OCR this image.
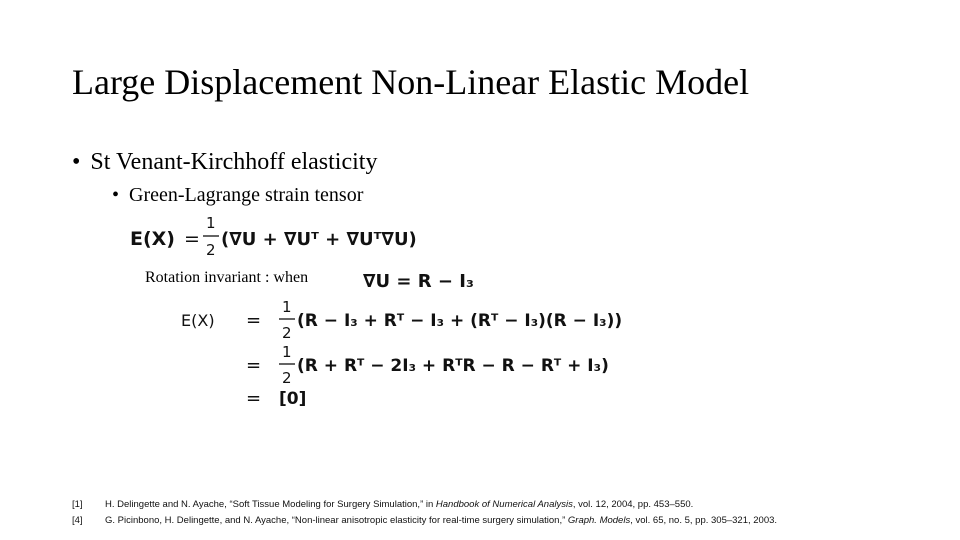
Large Displacement Non-Linear Elastic Model
• St Venant-Kirchhoff elasticity
• Green-Lagrange strain tensor
Rotation invariant : when
E(X) =
1
2 (∇U + ∇Uᵀ + ∇Uᵀ∇U)
∇U = R − I₃
E(X) =
1
2
(R − I₃ + Rᵀ − I₃ + (Rᵀ − I₃)(R − I₃))
=
1
2
(R + Rᵀ − 2I₃ + RᵀR − R − Rᵀ + I₃)
= [0]
[1]	H. Delingette and N. Ayache, “Soft Tissue Modeling for Surgery Simulation,” in Handbook of Numerical Analysis, vol. 12, 2004, pp. 453–550.
[4]	G. Picinbono, H. Delingette, and N. Ayache, “Non-linear anisotropic elasticity for real-time surgery simulation,” Graph. Models, vol. 65, no. 5, pp. 305–321, 2003.
